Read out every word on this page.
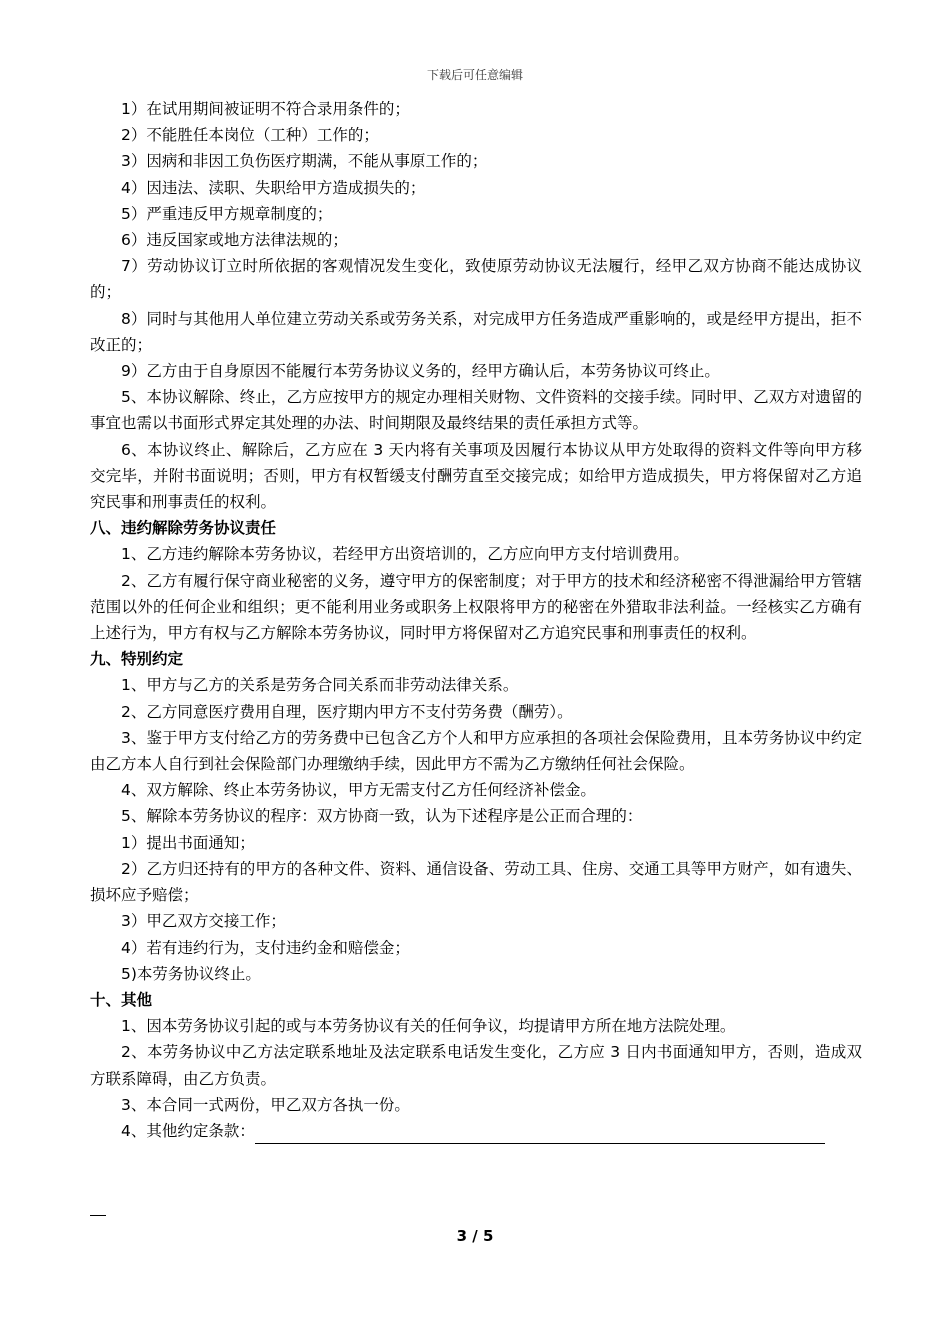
下载后可任意编辑

1）在试用期间被证明不符合录用条件的；

2）不能胜任本岗位（工种）工作的；

3）因病和非因工负伤医疗期满，不能从事原工作的；

4）因违法、渎职、失职给甲方造成损失的；

5）严重违反甲方规章制度的；

6）违反国家或地方法律法规的；

7）劳动协议订立时所依据的客观情况发生变化，致使原劳动协议无法履行，经甲乙双方协商不能达成协议的；

8）同时与其他用人单位建立劳动关系或劳务关系，对完成甲方任务造成严重影响的，或是经甲方提出，拒不改正的；

9）乙方由于自身原因不能履行本劳务协议义务的，经甲方确认后，本劳务协议可终止。

5、本协议解除、终止，乙方应按甲方的规定办理相关财物、文件资料的交接手续。同时甲、乙双方对遗留的事宜也需以书面形式界定其处理的办法、时间期限及最终结果的责任承担方式等。

6、本协议终止、解除后，乙方应在 3 天内将有关事项及因履行本协议从甲方处取得的资料文件等向甲方移交完毕，并附书面说明；否则，甲方有权暂缓支付酬劳直至交接完成；如给甲方造成损失，甲方将保留对乙方追究民事和刑事责任的权利。

八、违约解除劳务协议责任

1、乙方违约解除本劳务协议，若经甲方出资培训的，乙方应向甲方支付培训费用。

2、乙方有履行保守商业秘密的义务，遵守甲方的保密制度；对于甲方的技术和经济秘密不得泄漏给甲方管辖范围以外的任何企业和组织；更不能利用业务或职务上权限将甲方的秘密在外猎取非法利益。一经核实乙方确有上述行为，甲方有权与乙方解除本劳务协议，同时甲方将保留对乙方追究民事和刑事责任的权利。

九、特别约定

1、甲方与乙方的关系是劳务合同关系而非劳动法律关系。

2、乙方同意医疗费用自理，医疗期内甲方不支付劳务费（酬劳）。

3、鉴于甲方支付给乙方的劳务费中已包含乙方个人和甲方应承担的各项社会保险费用，且本劳务协议中约定由乙方本人自行到社会保险部门办理缴纳手续，因此甲方不需为乙方缴纳任何社会保险。

4、双方解除、终止本劳务协议，甲方无需支付乙方任何经济补偿金。

5、解除本劳务协议的程序：双方协商一致，认为下述程序是公正而合理的：

1）提出书面通知；

2）乙方归还持有的甲方的各种文件、资料、通信设备、劳动工具、住房、交通工具等甲方财产，如有遗失、损坏应予赔偿；

3）甲乙双方交接工作；

4）若有违约行为，支付违约金和赔偿金；

5)本劳务协议终止。

十、其他

1、因本劳务协议引起的或与本劳务协议有关的任何争议，均提请甲方所在地方法院处理。

2、本劳务协议中乙方法定联系地址及法定联系电话发生变化，乙方应 3 日内书面通知甲方，否则，造成双方联系障碍，由乙方负责。

3、本合同一式两份，甲乙双方各执一份。

4、其他约定条款：

3 / 5
